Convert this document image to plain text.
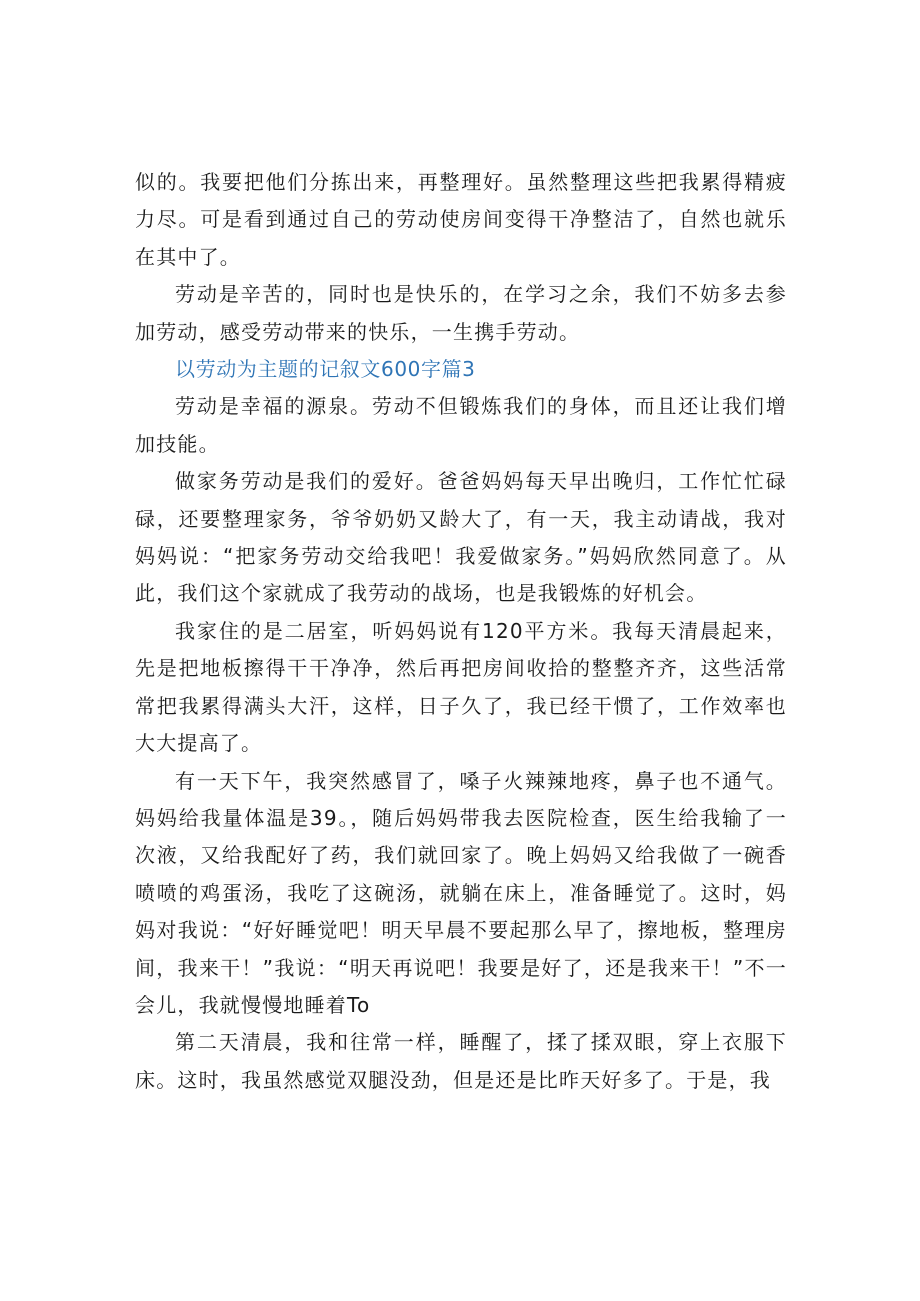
似的。我要把他们分拣出来，再整理好。虽然整理这些把我累得精疲力尽。可是看到通过自己的劳动使房间变得干净整洁了，自然也就乐在其中了。

劳动是辛苦的，同时也是快乐的，在学习之余，我们不妨多去参加劳动，感受劳动带来的快乐，一生携手劳动。

以劳动为主题的记叙文600字篇3

劳动是幸福的源泉。劳动不但锻炼我们的身体，而且还让我们增加技能。

做家务劳动是我们的爱好。爸爸妈妈每天早出晚归，工作忙忙碌碌，还要整理家务，爷爷奶奶又龄大了，有一天，我主动请战，我对妈妈说：“把家务劳动交给我吧！我爱做家务。”妈妈欣然同意了。从此，我们这个家就成了我劳动的战场，也是我锻炼的好机会。

我家住的是二居室，听妈妈说有120平方米。我每天清晨起来，先是把地板擦得干干净净，然后再把房间收拾的整整齐齐，这些活常常把我累得满头大汗，这样，日子久了，我已经干惯了，工作效率也大大提高了。

有一天下午，我突然感冒了，嗓子火辣辣地疼，鼻子也不通气。妈妈给我量体温是39。，随后妈妈带我去医院检查，医生给我输了一次液，又给我配好了药，我们就回家了。晚上妈妈又给我做了一碗香喷喷的鸡蛋汤，我吃了这碗汤，就躺在床上，准备睡觉了。这时，妈妈对我说：“好好睡觉吧！明天早晨不要起那么早了，擦地板，整理房间，我来干！”我说：“明天再说吧！我要是好了，还是我来干！”不一会儿，我就慢慢地睡着To

第二天清晨，我和往常一样，睡醒了，揉了揉双眼，穿上衣服下床。这时，我虽然感觉双腿没劲，但是还是比昨天好多了。于是，我
